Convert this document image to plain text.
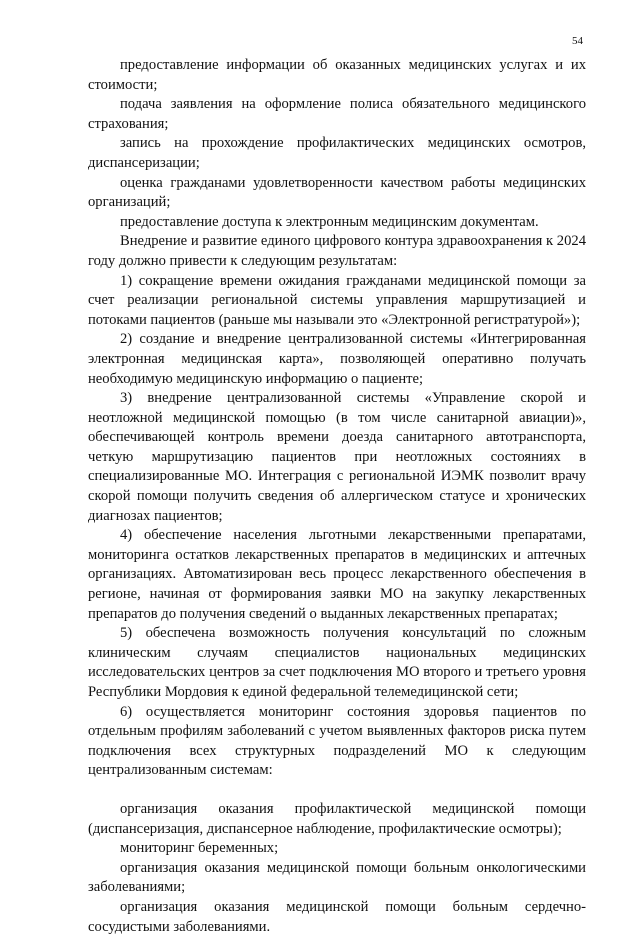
54

предоставление информации об оказанных медицинских услугах и их стоимости;

подача заявления на оформление полиса обязательного медицинского страхования;

запись на прохождение профилактических медицинских осмотров, диспансеризации;

оценка гражданами удовлетворенности качеством работы медицинских организаций;

предоставление доступа к электронным медицинским документам.

Внедрение и развитие единого цифрового контура здравоохранения к 2024 году должно привести к следующим результатам:

1) сокращение времени ожидания гражданами медицинской помощи за счет реализации региональной системы управления маршрутизацией и потоками пациентов (раньше мы называли это «Электронной регистратурой»);

2) создание и внедрение централизованной системы «Интегрированная электронная медицинская карта», позволяющей оперативно получать необходимую медицинскую информацию о пациенте;

3) внедрение централизованной системы «Управление скорой и неотложной медицинской помощью (в том числе санитарной авиации)», обеспечивающей контроль времени доезда санитарного автотранспорта, четкую маршрутизацию пациентов при неотложных состояниях в специализированные МО. Интеграция с региональной ИЭМК позволит врачу скорой помощи получить сведения об аллергическом статусе и хронических диагнозах пациентов;

4) обеспечение населения льготными лекарственными препаратами, мониторинга остатков лекарственных препаратов в медицинских и аптечных организациях. Автоматизирован весь процесс лекарственного обеспечения в регионе, начиная от формирования заявки МО на закупку лекарственных препаратов до получения сведений о выданных лекарственных препаратах;

5) обеспечена возможность получения консультаций по сложным клиническим случаям специалистов национальных медицинских исследовательских центров за счет подключения МО второго и третьего уровня Республики Мордовия к единой федеральной телемедицинской сети;

6) осуществляется мониторинг состояния здоровья пациентов по отдельным профилям заболеваний с учетом выявленных факторов риска путем подключения всех структурных подразделений МО к следующим централизованным системам:

организация оказания профилактической медицинской помощи (диспансеризация, диспансерное наблюдение, профилактические осмотры);

мониторинг беременных;

организация оказания медицинской помощи больным онкологическими заболеваниями;

организация оказания медицинской помощи больным сердечно-сосудистыми заболеваниями.
